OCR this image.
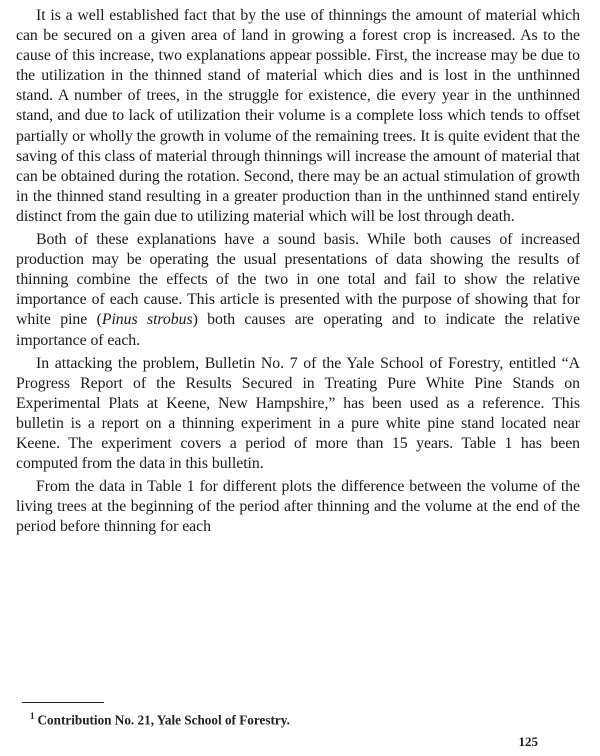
It is a well established fact that by the use of thinnings the amount of material which can be secured on a given area of land in growing a forest crop is increased. As to the cause of this increase, two explanations appear possible. First, the increase may be due to the utilization in the thinned stand of material which dies and is lost in the unthinned stand. A number of trees, in the struggle for existence, die every year in the unthinned stand, and due to lack of utilization their volume is a complete loss which tends to offset partially or wholly the growth in volume of the remaining trees. It is quite evident that the saving of this class of material through thinnings will increase the amount of material that can be obtained during the rotation. Second, there may be an actual stimulation of growth in the thinned stand resulting in a greater production than in the unthinned stand entirely distinct from the gain due to utilizing material which will be lost through death.

Both of these explanations have a sound basis. While both causes of increased production may be operating the usual presentations of data showing the results of thinning combine the effects of the two in one total and fail to show the relative importance of each cause. This article is presented with the purpose of showing that for white pine (Pinus strobus) both causes are operating and to indicate the relative importance of each.

In attacking the problem, Bulletin No. 7 of the Yale School of Forestry, entitled “A Progress Report of the Results Secured in Treating Pure White Pine Stands on Experimental Plats at Keene, New Hampshire,” has been used as a reference. This bulletin is a report on a thinning experiment in a pure white pine stand located near Keene. The experiment covers a period of more than 15 years. Table 1 has been computed from the data in this bulletin.

From the data in Table 1 for different plots the difference between the volume of the living trees at the beginning of the period after thinning and the volume at the end of the period before thinning for each

$^1$ Contribution No. 21, Yale School of Forestry.
125
